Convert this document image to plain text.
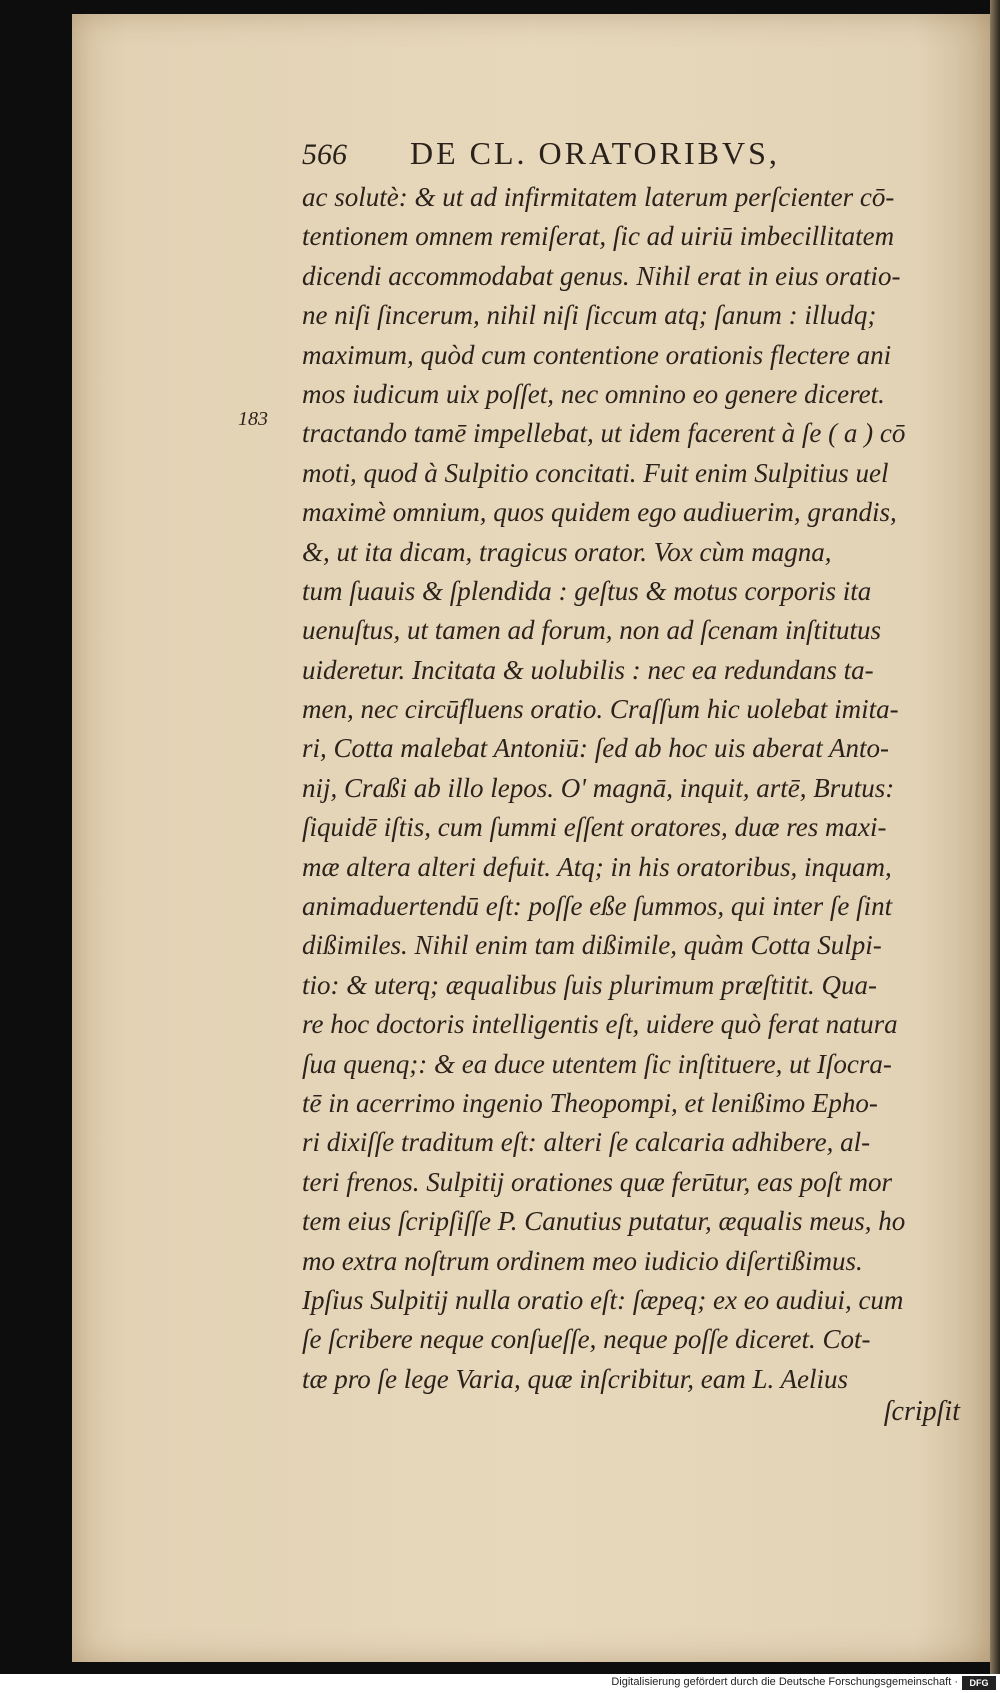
566	DE CL. ORATORIBVS,
183
ac solutè: & ut ad infirmitatem laterum perſcienter cō-
tentionem omnem remiſerat, ſic ad uiriū imbecillitatem
dicendi accommodabat genus. Nihil erat in eius oratio-
ne niſi ſincerum, nihil niſi ſiccum atq; ſanum : illudq;
maximum, quòd cum contentione orationis flectere ani
mos iudicum uix poſſet, nec omnino eo genere diceret.
tractando tamē impellebat, ut idem facerent à ſe ( a ) cō
moti, quod à Sulpitio concitati. Fuit enim Sulpitius uel
maximè omnium, quos quidem ego audiuerim, grandis,
&, ut ita dicam, tragicus orator. Vox cùm magna,
tum ſuauis & ſplendida : geſtus & motus corporis ita
uenuſtus, ut tamen ad forum, non ad ſcenam inſtitutus
uideretur. Incitata & uolubilis : nec ea redundans ta-
men, nec circūfluens oratio. Craſſum hic uolebat imita-
ri, Cotta malebat Antoniū: ſed ab hoc uis aberat Anto-
nij, Craßi ab illo lepos. O' magnā, inquit, artē, Brutus:
ſiquidē iſtis, cum ſummi eſſent oratores, duæ res maxi-
mæ altera alteri defuit. Atq; in his oratoribus, inquam,
animaduertendū eſt: poſſe eße ſummos, qui inter ſe ſint
dißimiles. Nihil enim tam dißimile, quàm Cotta Sulpi-
tio: & uterq; æqualibus ſuis plurimum præſtitit. Qua-
re hoc doctoris intelligentis eſt, uidere quò ferat natura
ſua quenq;: & ea duce utentem ſic inſtituere, ut Iſocra-
tē in acerrimo ingenio Theopompi, et lenißimo Epho-
ri dixiſſe traditum eſt: alteri ſe calcaria adhibere, al-
teri frenos. Sulpitij orationes quæ ferūtur, eas poſt mor
tem eius ſcripſiſſe P. Canutius putatur, æqualis meus, ho
mo extra noſtrum ordinem meo iudicio diſertißimus.
Ipſius Sulpitij nulla oratio eſt: ſæpeq; ex eo audiui, cum
ſe ſcribere neque conſueſſe, neque poſſe diceret. Cot-
tæ pro ſe lege Varia, quæ inſcribitur, eam L. Aelius
ſcripſit
Digitalisierung gefördert durch die Deutsche Forschungsgemeinschaft ·	DFG
